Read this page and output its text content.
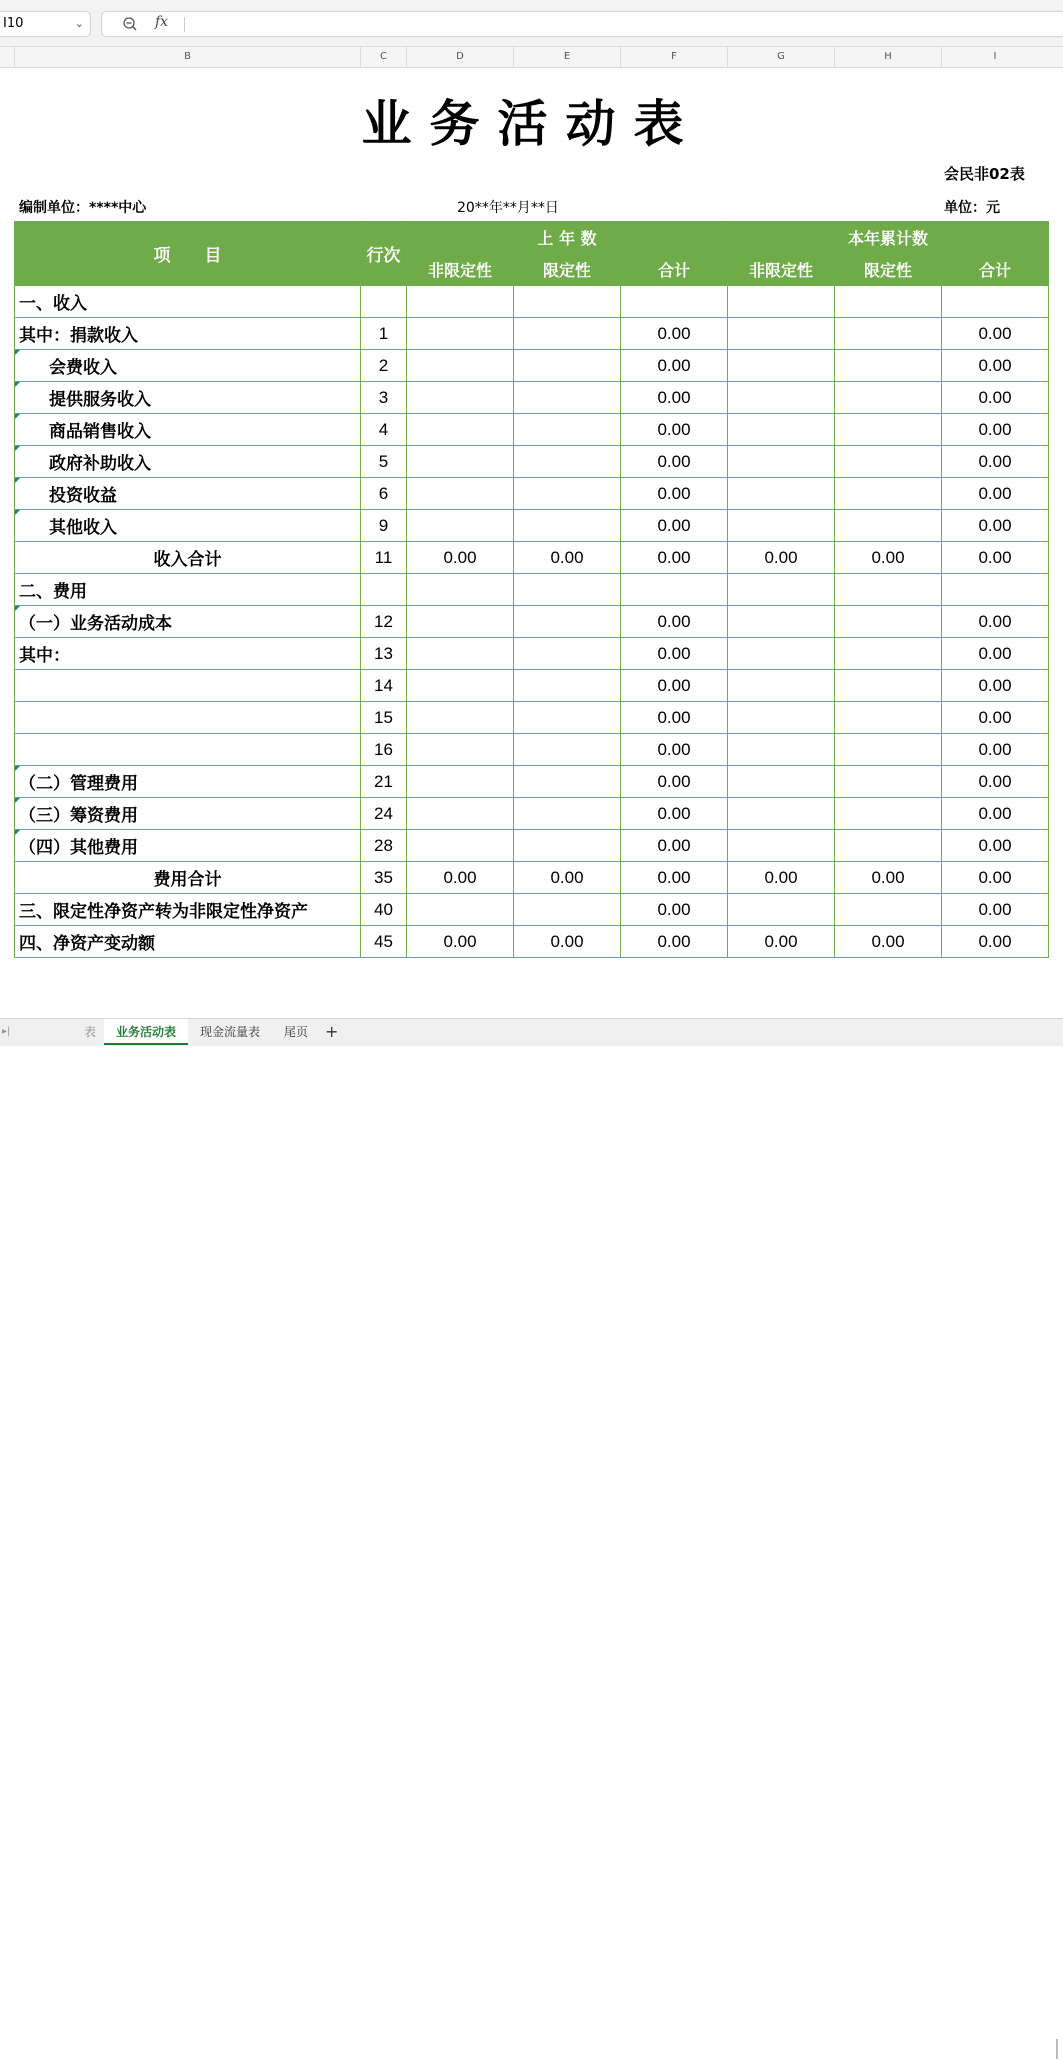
I10	⌄	fx
B	C	D	E	F	G	H	I
业务活动表
会民非02表
编制单位：****中心	20**年**月**日	单位：元
项　　目	行次	上 年 数			本年累计数		
		非限定性	限定性	合计	非限定性	限定性	合计
一、收入							
其中：捐款收入	1			0.00			0.00
会费收入	2			0.00			0.00
提供服务收入	3			0.00			0.00
商品销售收入	4			0.00			0.00
政府补助收入	5			0.00			0.00
投资收益	6			0.00			0.00
其他收入	9			0.00			0.00
收入合计	11	0.00	0.00	0.00	0.00	0.00	0.00
二、费用							
（一）业务活动成本	12			0.00			0.00
其中：	13			0.00			0.00
	14			0.00			0.00
	15			0.00			0.00
	16			0.00			0.00
（二）管理费用	21			0.00			0.00
（三）筹资费用	24			0.00			0.00
（四）其他费用	28			0.00			0.00
费用合计	35	0.00	0.00	0.00	0.00	0.00	0.00
三、限定性净资产转为非限定性净资产	40			0.00			0.00
四、净资产变动额	45	0.00	0.00	0.00	0.00	0.00	0.00
▸|	表	业务活动表	现金流量表 尾页 +
